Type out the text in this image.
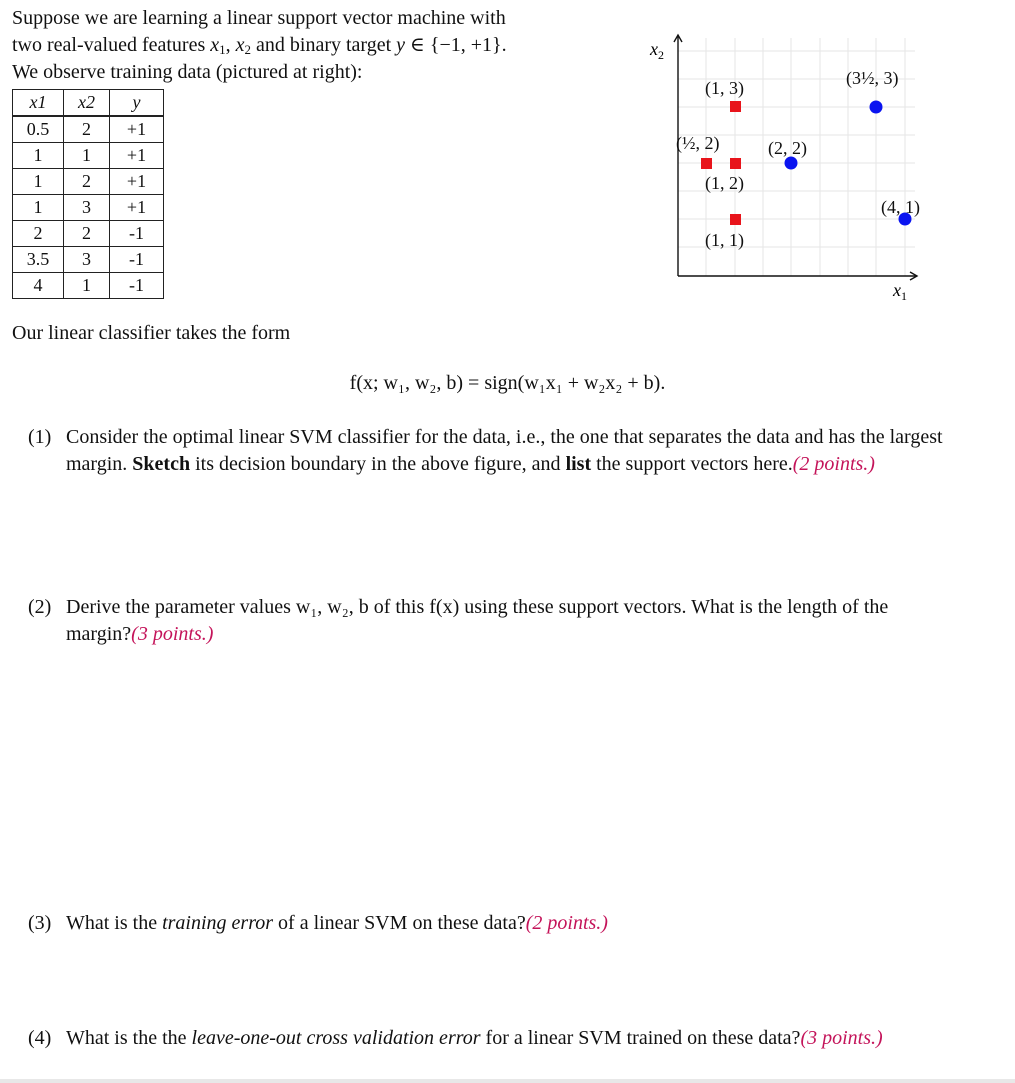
Suppose we are learning a linear support vector machine with

two real-valued features $x_1$, $x_2$ and binary target y ∈ {−1, +1}.

We observe training data (pictured at right):

x1	x2	y
0.5	2	+1
1	1	+1
1	2	+1
1	3	+1
2	2	-1
3.5	3	-1
4	1	-1
$x_2$
$x_1$
(1, 3)
(½, 2)
(1, 2)
(1, 1)
(2, 2)
(3½, 3)
(4, 1)
Our linear classifier takes the form
f(x; w₁, w₂, b) = sign(w₁x₁ + w₂x₂ + b).
(1) Consider the optimal linear SVM classifier for the data, i.e., the one that separates the data and has the largest margin. Sketch its decision boundary in the above figure, and list the support vectors here.(2 points.)
(2) Derive the parameter values w₁, w₂, b of this f(x) using these support vectors. What is the length of the margin?(3 points.)
(3) What is the training error of a linear SVM on these data?(2 points.)
(4) What is the the leave-one-out cross validation error for a linear SVM trained on these data?(3 points.)
